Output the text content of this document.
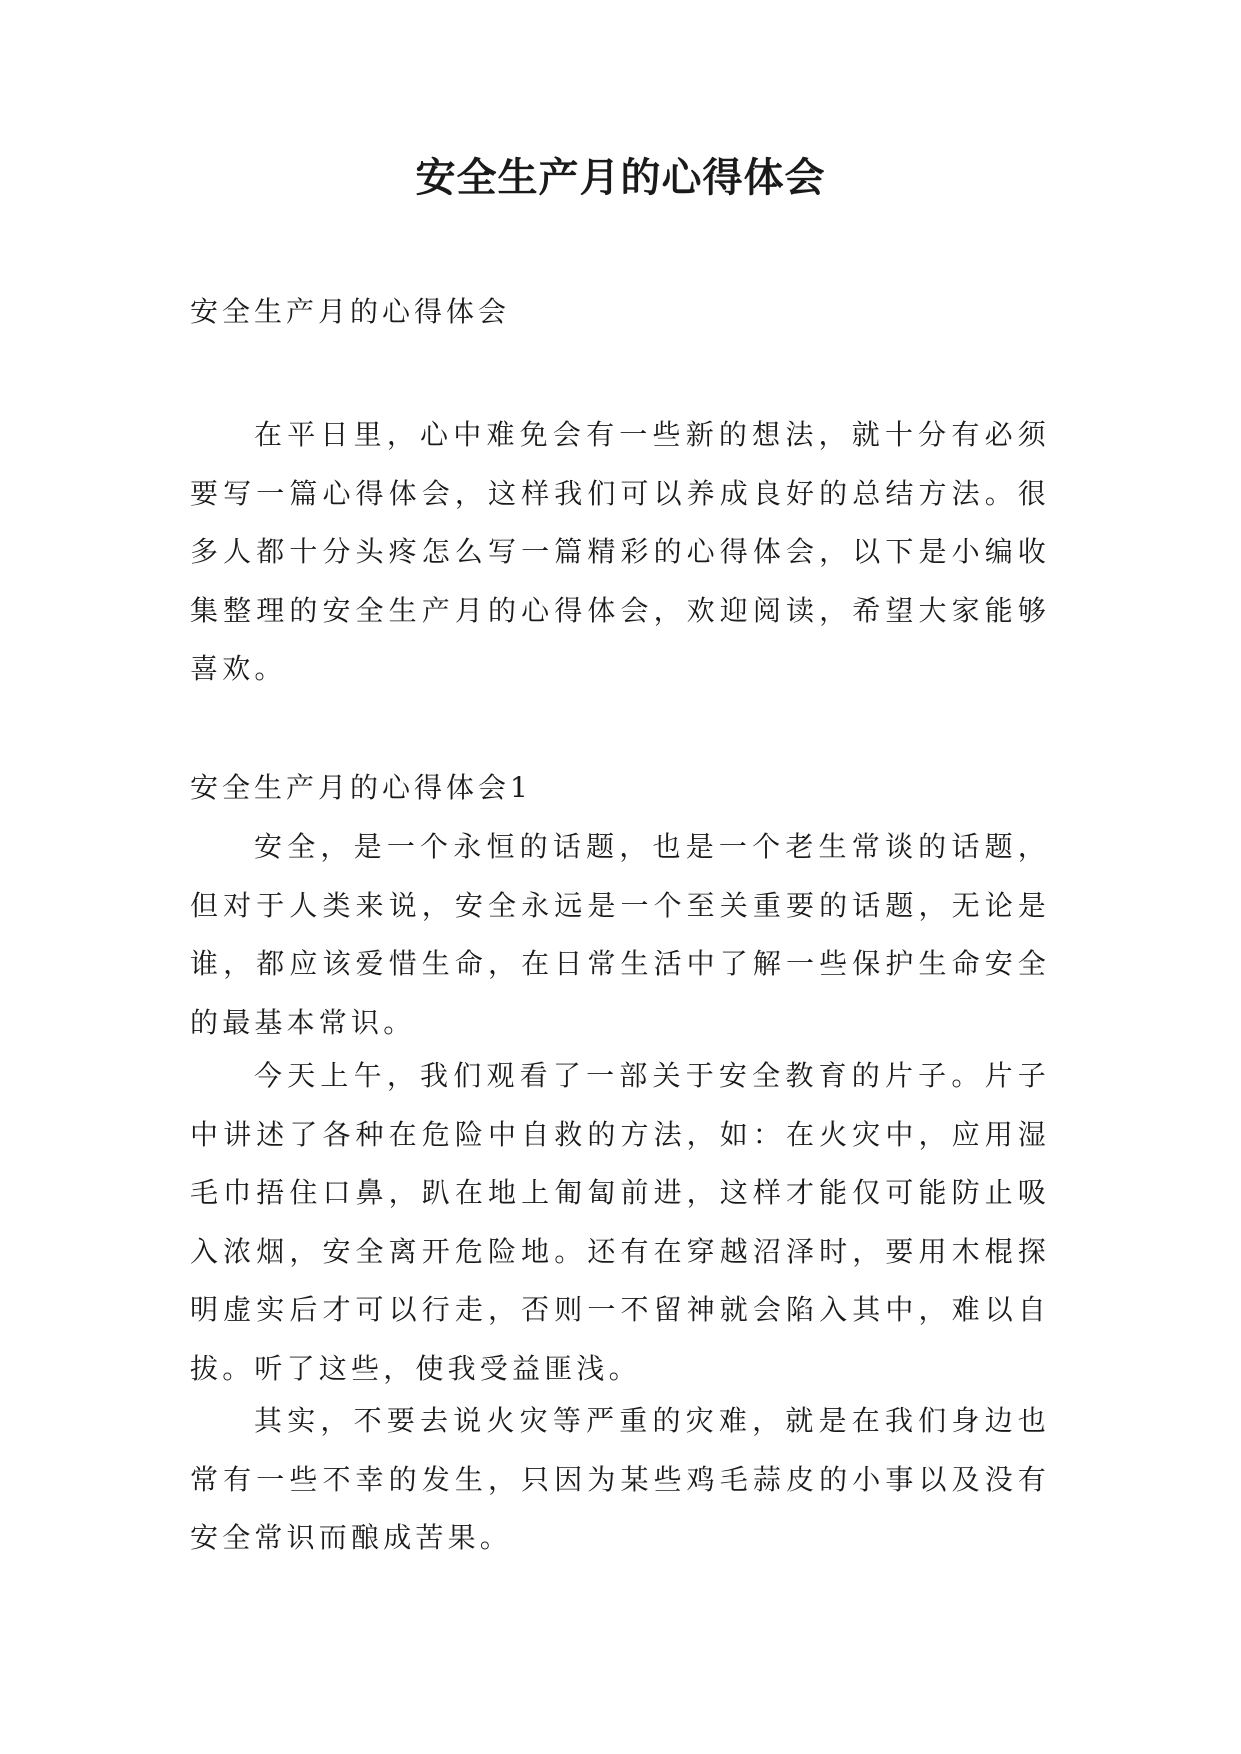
安全生产月的心得体会

安全生产月的心得体会

在平日里，心中难免会有一些新的想法，就十分有必须要写一篇心得体会，这样我们可以养成良好的总结方法。很多人都十分头疼怎么写一篇精彩的心得体会，以下是小编收集整理的安全生产月的心得体会，欢迎阅读，希望大家能够喜欢。

安全生产月的心得体会1

安全，是一个永恒的话题，也是一个老生常谈的话题，但对于人类来说，安全永远是一个至关重要的话题，无论是谁，都应该爱惜生命，在日常生活中了解一些保护生命安全的最基本常识。

今天上午，我们观看了一部关于安全教育的片子。片子中讲述了各种在危险中自救的方法，如：在火灾中，应用湿毛巾捂住口鼻，趴在地上匍匐前进，这样才能仅可能防止吸入浓烟，安全离开危险地。还有在穿越沼泽时，要用木棍探明虚实后才可以行走，否则一不留神就会陷入其中，难以自拔。听了这些，使我受益匪浅。

其实，不要去说火灾等严重的灾难，就是在我们身边也常有一些不幸的发生，只因为某些鸡毛蒜皮的小事以及没有安全常识而酿成苦果。
